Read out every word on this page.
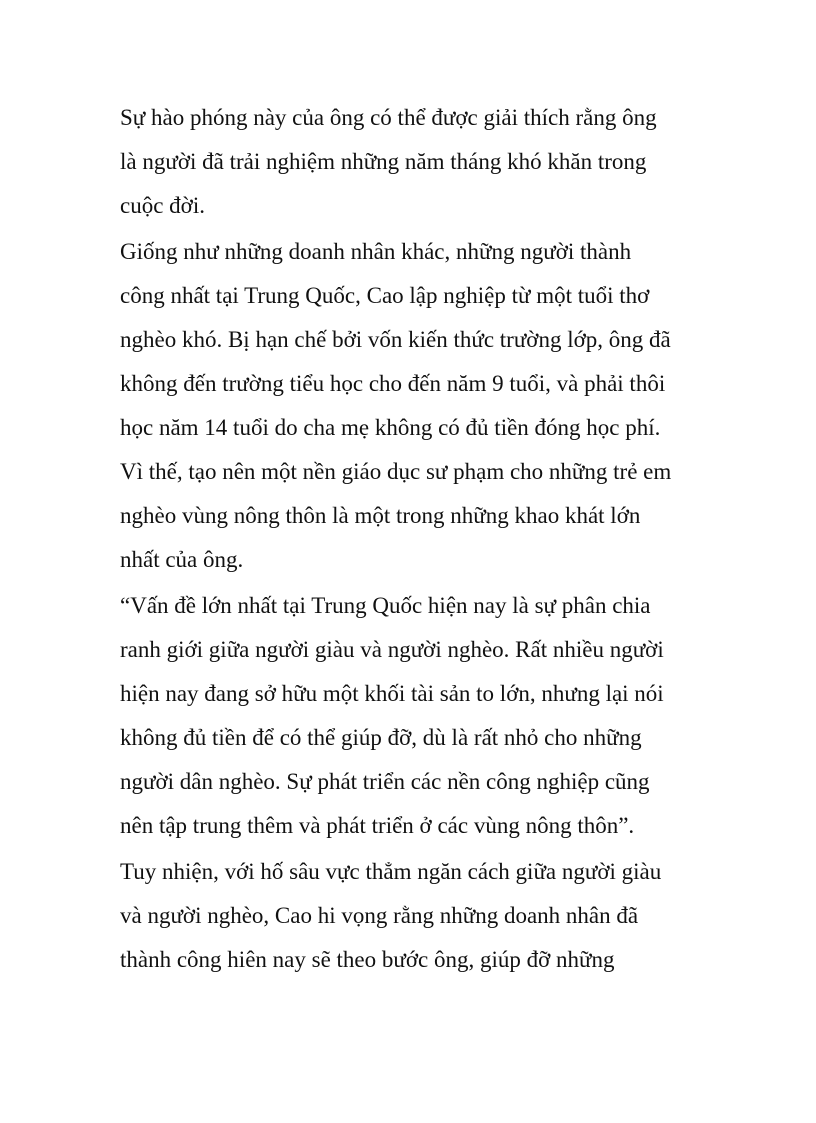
Sự hào phóng này của ông có thể được giải thích rằng ông
là người đã trải nghiệm những năm tháng khó khăn trong
cuộc đời.
Giống như những doanh nhân khác, những người thành
công nhất tại Trung Quốc, Cao lập nghiệp từ một tuổi thơ
nghèo khó. Bị hạn chế bởi vốn kiến thức trường lớp, ông đã
không đến trường tiểu học cho đến năm 9 tuổi, và phải thôi
học năm 14 tuổi do cha mẹ không có đủ tiền đóng học phí.
Vì thế, tạo nên một nền giáo dục sư phạm cho những trẻ em
nghèo vùng nông thôn là một trong những khao khát lớn
nhất của ông.
“Vấn đề lớn nhất tại Trung Quốc hiện nay là sự phân chia
ranh giới giữa người giàu và người nghèo. Rất nhiều người
hiện nay đang sở hữu một khối tài sản to lớn, nhưng lại nói
không đủ tiền để có thể giúp đỡ, dù là rất nhỏ cho những
người dân nghèo. Sự phát triển các nền công nghiệp cũng
nên tập trung thêm và phát triển ở các vùng nông thôn”.
Tuy nhiện, với hố sâu vực thẳm ngăn cách giữa người giàu
và người nghèo, Cao hi vọng rằng những doanh nhân đã
thành công hiên nay sẽ theo bước ông, giúp đỡ những
